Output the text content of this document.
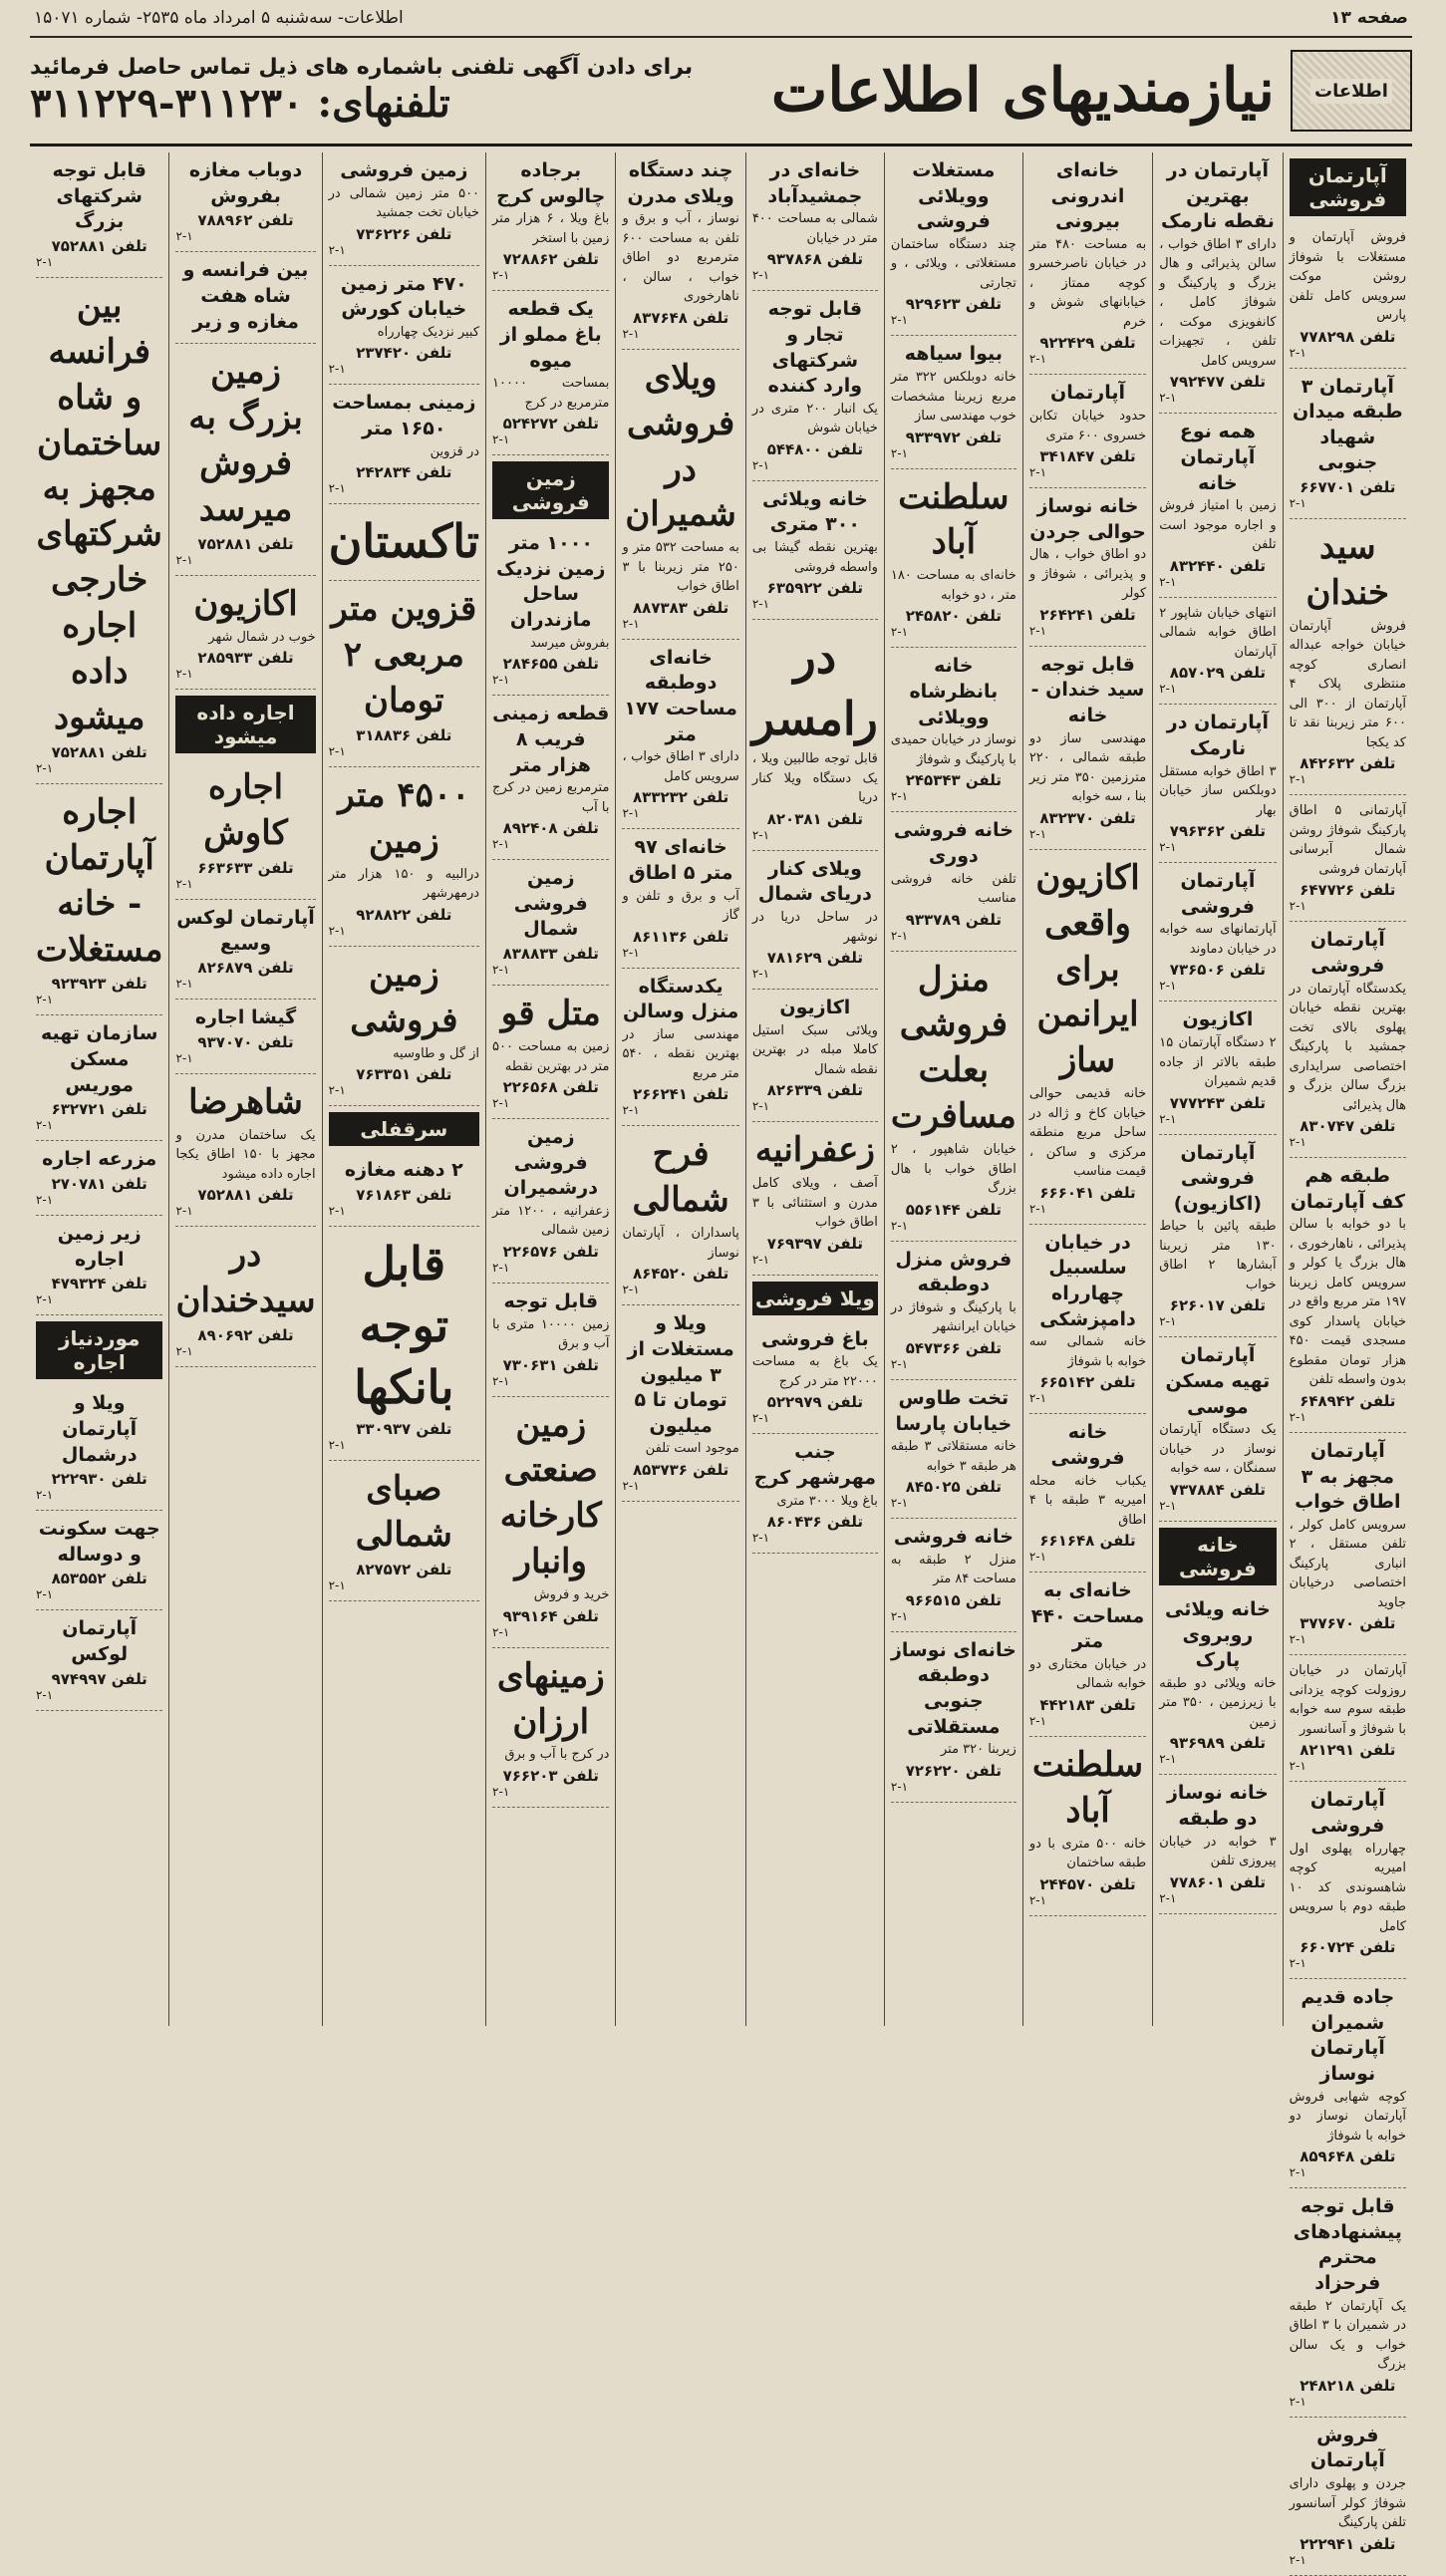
صفحه ۱۳
اطلاعات- سه‌شنبه ۵ امرداد ماه ۲۵۳۵- شماره ۱۵۰۷۱
اطلاعات
نیازمندیهای اطلاعات
برای دادن آگهی تلفنی باشماره های ذیل تماس حاصل فرمائید
تلفنهای: ۳۱۱۲۳۰-۳۱۱۲۲۹
آپارتمان فروشی
فروش آپارتمان و مستغلات با شوفاژ روشن موکت سرویس کامل تلفن پارس
تلفن ۷۷۸۲۹۸
۲-۱
آپارتمان ۳ طبقه میدان شهیاد جنوبی
تلفن ۶۶۷۷۰۱
۲-۱
سید خندان
فروش آپارتمان خیابان خواجه عبداله انصاری کوچه منتظری پلاک ۴ آپارتمان از ۳۰۰ الی ۶۰۰ متر زیربنا نقد تا کد یکجا
تلفن ۸۴۲۶۳۲
۲-۱
آپارتمانی ۵ اطاق پارکینگ شوفاژ روشن شمال آبرسانی آپارتمان فروشی
تلفن ۶۴۷۷۲۶
۲-۱
آپارتمان فروشی
یکدستگاه آپارتمان در بهترین نقطه خیابان پهلوی بالای تخت جمشید با پارکینگ اختصاصی سرایداری بزرگ سالن بزرگ و هال پذیرائی
تلفن ۸۳۰۷۴۷
۲-۱
طبقه هم کف آپارتمان
با دو خوابه با سالن پذیرائی ، ناهارخوری ، هال بزرگ یا کولر و سرویس کامل زیربنا ۱۹۷ متر مربع واقع در خیابان پاسدار کوی مسجدی قیمت ۴۵۰ هزار تومان مقطوع بدون واسطه تلفن
تلفن ۶۴۸۹۴۲
۲-۱
آپارتمان مجهز به ۳ اطاق خواب
سرویس کامل کولر ، تلفن مستقل ، ۲ انباری پارکینگ اختصاصی درخیابان جاوید
تلفن ۳۷۷۶۷۰
۲-۱
آپارتمان در خیابان روزولت کوچه یزدانی طبقه سوم سه خوابه با شوفاژ و آسانسور
تلفن ۸۲۱۲۹۱
۲-۱
آپارتمان فروشی
چهارراه پهلوی اول امیریه کوچه شاهسوندی کد ۱۰ طبقه دوم با سرویس کامل
تلفن ۶۶۰۷۲۴
۲-۱
جاده قدیم شمیران آپارتمان نوساز
کوچه شهابی فروش آپارتمان نوساز دو خوابه با شوفاژ
تلفن ۸۵۹۶۴۸
۲-۱
قابل توجه پیشنهادهای محترم فرحزاد
یک آپارتمان ۲ طبقه در شمیران با ۳ اطاق خواب و یک سالن بزرگ
تلفن ۲۴۸۲۱۸
۲-۱
فروش آپارتمان
جردن و پهلوی دارای شوفاژ کولر آسانسور تلفن پارکینگ
تلفن ۲۲۲۹۴۱
۲-۱
آپارتمان در بهترین نقطه نارمک
دارای ۳ اطاق خواب ، سالن پذیرائی و هال بزرگ و پارکینگ و شوفاژ کامل ، کانفویزی موکت ، تلفن ، تجهیزات سرویس کامل
تلفن ۷۹۲۴۷۷
۲-۱
همه نوع آپارتمان خانه
زمین با امتیاز فروش و اجاره موجود است تلفن
تلفن ۸۳۲۴۴۰
۲-۱
انتهای خیابان شاپور ۲ اطاق خوابه شمالی آپارتمان
تلفن ۸۵۷۰۲۹
۲-۱
آپارتمان در نارمک
۳ اطاق خوابه مستقل دوبلکس ساز خیابان بهار
تلفن ۷۹۶۳۶۲
۲-۱
آپارتمان فروشی
آپارتمانهای سه خوابه در خیابان دماوند
تلفن ۷۳۶۵۰۶
۲-۱
اکازیون
۲ دستگاه آپارتمان ۱۵ طبقه بالاتر از جاده قدیم شمیران
تلفن ۷۷۷۲۴۳
۲-۱
آپارتمان فروشی (اکازیون)
طبقه پائین با حیاط ۱۳۰ متر زیربنا آبشارها ۲ اطاق خواب
تلفن ۶۲۶۰۱۷
۲-۱
آپارتمان تهیه مسکن موسی
یک دستگاه آپارتمان نوساز در خیابان سمنگان ، سه خوابه
تلفن ۷۳۷۸۸۴
۲-۱
خانه فروشی
خانه ویلائی روبروی پارک
خانه ویلائی دو طبقه با زیرزمین ، ۳۵۰ متر زمین
تلفن ۹۳۶۹۸۹
۲-۱
خانه نوساز دو طبقه
۳ خوابه در خیابان پیروزی تلفن
تلفن ۷۷۸۶۰۱
۲-۱
خانه‌ای اندرونی بیرونی
به مساحت ۴۸۰ متر در خیابان ناصرخسرو کوچه ممتاز ، خیابانهای شوش و خرم
تلفن ۹۲۲۴۲۹
۲-۱
آپارتمان
حدود خیابان تکابن خسروی ۶۰۰ متری
تلفن ۳۴۱۸۴۷
۲-۱
خانه نوساز حوالی جردن
دو اطاق خواب ، هال و پذیرائی ، شوفاژ و کولر
تلفن ۲۶۴۲۴۱
۲-۱
قابل توجه سید خندان - خانه
مهندسی ساز دو طبقه شمالی ، ۲۲۰ مترزمین ۳۵۰ متر زیر بنا ، سه خوابه
تلفن ۸۳۲۳۷۰
۲-۱
اکازیون واقعی برای ایرانمن ساز
خانه قدیمی حوالی خیابان کاخ و ژاله در ساحل مربع منطقه مرکزی و ساکن ، قیمت مناسب
تلفن ۶۶۶۰۴۱
۲-۱
در خیابان سلسبیل چهارراه دامپزشکی
خانه شمالی سه خوابه با شوفاژ
تلفن ۶۶۵۱۴۲
۲-۱
خانه فروشی
یکباب خانه محله امیریه ۳ طبقه با ۴ اطاق
تلفن ۶۶۱۶۴۸
۲-۱
خانه‌ای به مساحت ۴۴۰ متر
در خیابان مختاری دو خوابه شمالی
تلفن ۴۴۲۱۸۳
۲-۱
سلطنت آباد
خانه ۵۰۰ متری با دو طبقه ساختمان
تلفن ۲۴۴۵۷۰
۲-۱
مستغلات وویلائی فروشی
چند دستگاه ساختمان مستغلاتی ، ویلائی ، و تجارتی
تلفن ۹۲۹۶۲۳
۲-۱
بیوا سیاهه
خانه دوبلکس ۳۲۲ متر مربع زیربنا مشخصات خوب مهندسی ساز
تلفن ۹۳۳۹۷۲
۲-۱
سلطنت آباد
خانه‌ای به مساحت ۱۸۰ متر ، دو خوابه
تلفن ۲۴۵۸۲۰
۲-۱
خانه بانظرشاه وویلائی
نوساز در خیابان حمیدی با پارکینگ و شوفاژ
تلفن ۲۴۵۳۴۳
۲-۱
خانه فروشی دوری
تلفن خانه فروشی مناسب
تلفن ۹۳۳۷۸۹
۲-۱
منزل فروشی بعلت مسافرت
خیابان شاهپور ، ۲ اطاق خواب با هال بزرگ
تلفن ۵۵۶۱۴۴
۲-۱
فروش منزل دوطبقه
با پارکینگ و شوفاژ در خیابان ایرانشهر
تلفن ۵۴۷۳۶۶
۲-۱
تخت طاوس خیابان پارسا
خانه مستقلاتی ۳ طبقه هر طبقه ۳ خوابه
تلفن ۸۴۵۰۲۵
۲-۱
خانه فروشی
منزل ۲ طبقه به مساحت ۸۴ متر
تلفن ۹۶۶۵۱۵
۲-۱
خانه‌ای نوساز دوطبقه جنوبی مستقلاتی
زیربنا ۳۲۰ متر
تلفن ۷۲۶۲۲۰
۲-۱
خانه‌ای در جمشیدآباد
شمالی به مساحت ۴۰۰ متر در خیابان
تلفن ۹۳۷۸۶۸
۲-۱
قابل توجه تجار و شرکتهای وارد کننده
یک انبار ۲۰۰ متری در خیابان شوش
تلفن ۵۴۴۸۰۰
۲-۱
خانه ویلائی ۳۰۰ متری
بهترین نقطه گیشا بی واسطه فروشی
تلفن ۶۳۵۹۲۲
۲-۱
در رامسر
قابل توجه طالبین ویلا ، یک دستگاه ویلا کنار دریا
تلفن ۸۲۰۳۸۱
۲-۱
ویلای کنار دریای شمال
در ساحل دریا در نوشهر
تلفن ۷۸۱۶۲۹
۲-۱
اکازیون
ویلائی سبک استیل کاملا مبله در بهترین نقطه شمال
تلفن ۸۲۶۳۳۹
۲-۱
زعفرانیه
آصف ، ویلای کامل مدرن و استثنائی با ۳ اطاق خواب
تلفن ۷۶۹۳۹۷
۲-۱
ویلا فروشی
باغ فروشی
یک باغ به مساحت ۲۲۰۰۰ متر در کرج
تلفن ۵۲۲۹۷۹
۲-۱
جنب مهرشهر کرج
باغ ویلا ۳۰۰۰ متری
تلفن ۸۶۰۴۳۶
۲-۱
چند دستگاه ویلای مدرن
نوساز ، آب و برق و تلفن به مساحت ۶۰۰ مترمربع دو اطاق خواب ، سالن ، ناهارخوری
تلفن ۸۳۷۶۴۸
۲-۱
ویلای فروشی در شمیران
به مساحت ۵۳۲ متر و ۲۵۰ متر زیربنا با ۳ اطاق خواب
تلفن ۸۸۷۳۸۳
۲-۱
خانه‌ای دوطبقه مساحت ۱۷۷ متر
دارای ۳ اطاق خواب ، سرویس کامل
تلفن ۸۳۳۲۳۲
۲-۱
خانه‌ای ۹۷ متر ۵ اطاق
آب و برق و تلفن و گاز
تلفن ۸۶۱۱۳۶
۲-۱
یکدستگاه منزل وسالن
مهندسی ساز در بهترین نقطه ، ۵۴۰ متر مربع
تلفن ۲۶۶۲۴۱
۲-۱
فرح شمالی
پاسداران ، آپارتمان نوساز
تلفن ۸۶۴۵۲۰
۲-۱
ویلا و مستغلات از ۳ میلیون تومان تا ۵ میلیون
موجود است تلفن
تلفن ۸۵۳۷۳۶
۲-۱
برجاده چالوس کرج
باغ ویلا ، ۶ هزار متر زمین با استخر
تلفن ۷۲۸۸۶۲
۲-۱
یک قطعه باغ مملو از میوه
بمساحت ۱۰۰۰۰ مترمربع در کرج
تلفن ۵۲۴۲۷۲
۲-۱
زمین فروشی
۱۰۰۰ متر زمین نزدیک ساحل مازندران
بفروش میرسد
تلفن ۲۸۴۶۵۵
۲-۱
قطعه زمینی فریب ۸ هزار متر
مترمربع زمین در کرج با آب
تلفن ۸۹۲۴۰۸
۲-۱
زمین فروشی شمال
تلفن ۸۳۸۸۳۳
۲-۱
متل قو
زمین به مساحت ۵۰۰ متر در بهترین نقطه
تلفن ۲۲۶۵۶۸
۲-۱
زمین فروشی درشمیران
زعفرانیه ، ۱۲۰۰ متر زمین شمالی
تلفن ۲۲۶۵۷۶
۲-۱
قابل توجه
زمین ۱۰۰۰۰ متری با آب و برق
تلفن ۷۳۰۶۳۱
۲-۱
زمین صنعتی کارخانه وانبار
خرید و فروش
تلفن ۹۳۹۱۶۴
۲-۱
زمینهای ارزان
در کرج با آب و برق
تلفن ۷۶۶۲۰۳
۲-۱
زمین فروشی
۵۰۰ متر زمین شمالی در خیابان تخت جمشید
تلفن ۷۳۶۲۲۶
۲-۱
۴۷۰ متر زمین خیابان کورش
کبیر نزدیک چهارراه
تلفن ۲۳۷۴۲۰
۲-۱
زمینی بمساحت ۱۶۵۰ متر
در قزوین
تلفن ۲۴۲۸۳۴
۲-۱
تاکستان
قزوین متر مربعی ۲ تومان
تلفن ۳۱۸۸۳۶
۲-۱
۴۵۰۰ متر زمین
درالبیه و ۱۵۰ هزار متر درمهرشهر
تلفن ۹۲۸۸۲۲
۲-۱
زمین فروشی
از گل و طاوسیه
تلفن ۷۶۳۳۵۱
۲-۱
سرقفلی
۲ دهنه مغازه
تلفن ۷۶۱۸۶۳
۲-۱
قابل توجه بانکها
تلفن ۳۳۰۹۳۷
۲-۱
صبای شمالی
تلفن ۸۲۷۵۷۲
۲-۱
دوباب مغازه بفروش
تلفن ۷۸۸۹۶۲
۲-۱
بین فرانسه و شاه هفت مغازه و زیر
زمین بزرگ به فروش میرسد
تلفن ۷۵۲۸۸۱
۲-۱
اکازیون
خوب در شمال شهر
تلفن ۲۸۵۹۳۳
۲-۱
اجاره داده میشود
اجاره کاوش
تلفن ۶۶۳۶۳۳
۲-۱
آپارتمان لوکس وسیع
تلفن ۸۲۶۸۷۹
۲-۱
گیشا اجاره
تلفن ۹۳۷۰۷۰
۲-۱
شاهرضا
یک ساختمان مدرن و مجهز با ۱۵۰ اطاق یکجا اجاره داده میشود
تلفن ۷۵۲۸۸۱
۲-۱
در سیدخندان
تلفن ۸۹۰۶۹۲
۲-۱
قابل توجه شرکتهای بزرگ
تلفن ۷۵۲۸۸۱
۲-۱
بین فرانسه و شاه ساختمان مجهز به شرکتهای خارجی اجاره داده میشود
تلفن ۷۵۲۸۸۱
۲-۱
اجاره آپارتمان - خانه مستغلات
تلفن ۹۲۳۹۲۳
۲-۱
سازمان تهیه مسکن موریس
تلفن ۶۳۲۷۲۱
۲-۱
مزرعه اجاره
تلفن ۲۷۰۷۸۱
۲-۱
زیر زمین اجاره
تلفن ۴۷۹۳۲۴
۲-۱
موردنیاز اجاره
ویلا و آپارتمان درشمال
تلفن ۲۲۲۹۳۰
۲-۱
جهت سکونت و دوساله
تلفن ۸۵۳۵۵۲
۲-۱
آپارتمان لوکس
تلفن ۹۷۴۹۹۷
۲-۱
